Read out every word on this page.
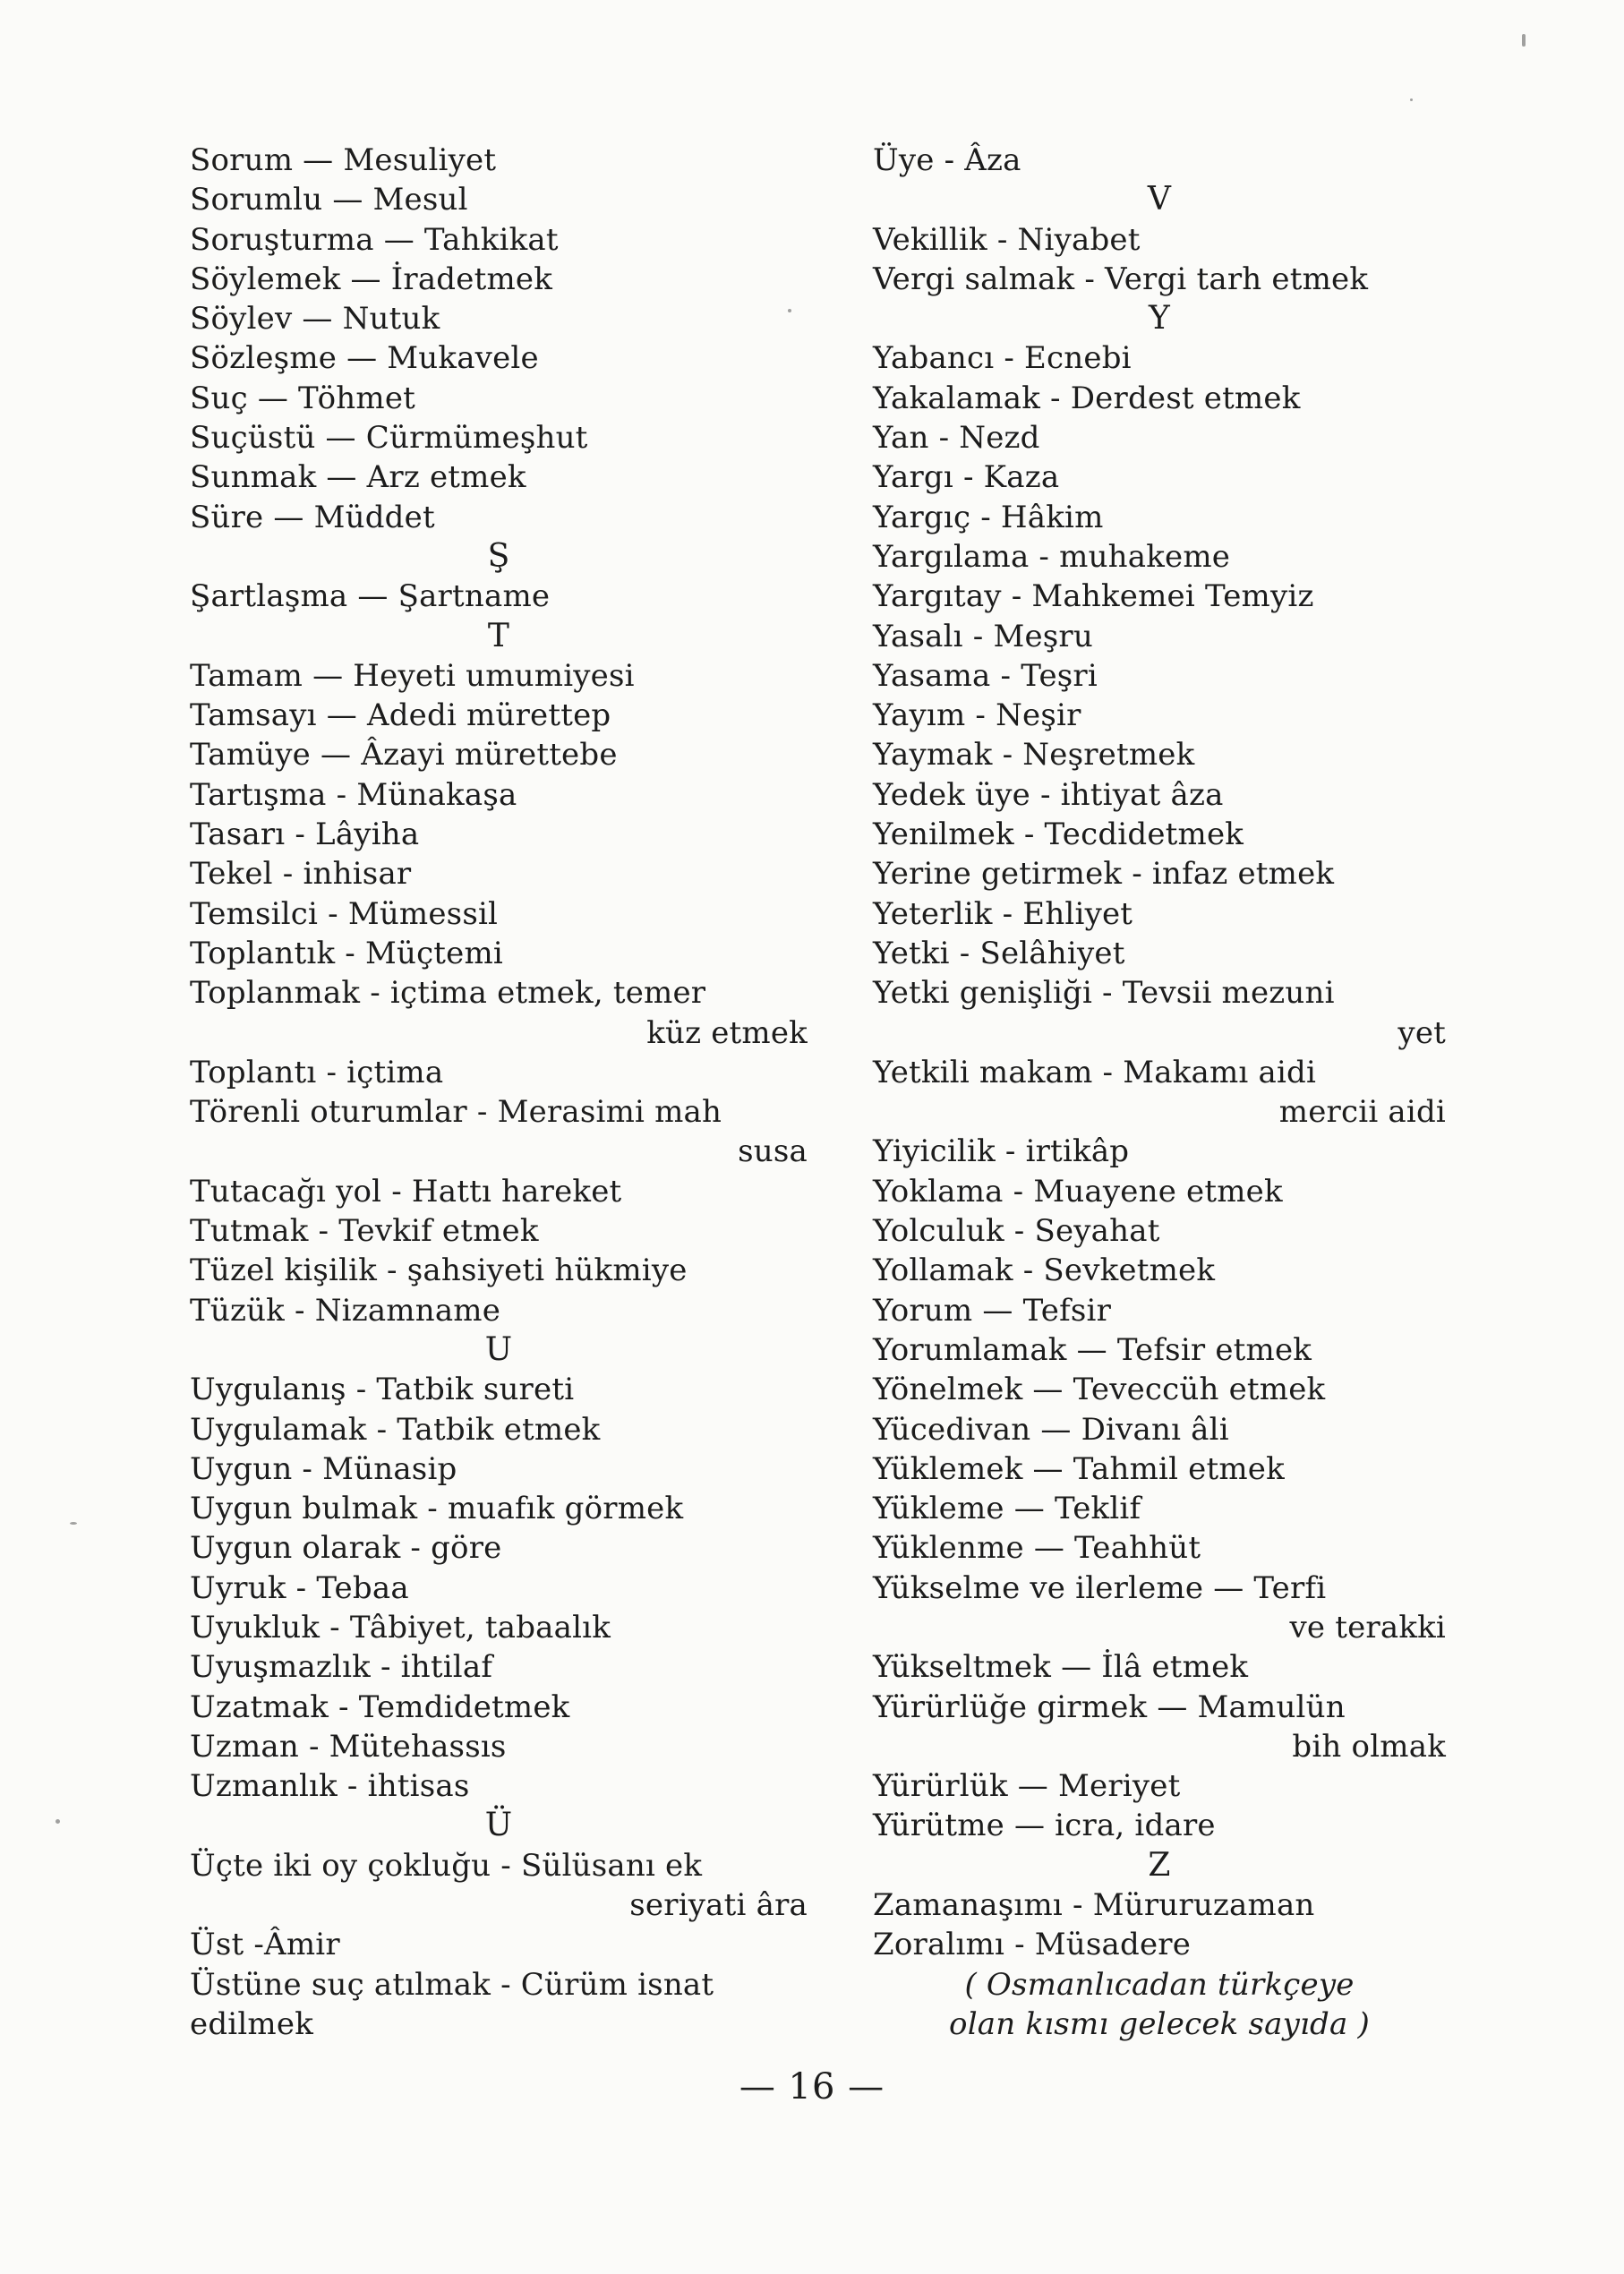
Sorum — Mesuliyet
Sorumlu — Mesul
Soruşturma — Tahkikat
Söylemek — İradetmek
Söylev — Nutuk
Sözleşme — Mukavele
Suç — Töhmet
Suçüstü — Cürmümeşhut
Sunmak — Arz etmek
Süre — Müddet
Ş
Şartlaşma — Şartname
T
Tamam — Heyeti umumiyesi
Tamsayı — Adedi mürettep
Tamüye — Âzayi mürettebe
Tartışma - Münakaşa
Tasarı - Lâyiha
Tekel - inhisar
Temsilci - Mümessil
Toplantık - Müçtemi
Toplanmak - içtima etmek, temer
küz etmek
Toplantı - içtima
Törenli oturumlar - Merasimi mah
susa
Tutacağı yol - Hattı hareket
Tutmak - Tevkif etmek
Tüzel kişilik - şahsiyeti hükmiye
Tüzük - Nizamname
U
Uygulanış - Tatbik sureti
Uygulamak - Tatbik etmek
Uygun - Münasip
Uygun bulmak - muafık görmek
Uygun olarak - göre
Uyruk - Tebaa
Uyukluk - Tâbiyet, tabaalık
Uyuşmazlık - ihtilaf
Uzatmak - Temdidetmek
Uzman - Mütehassıs
Uzmanlık - ihtisas
Ü
Üçte iki oy çokluğu - Sülüsanı ek
seriyati âra
Üst -Âmir
Üstüne suç atılmak - Cürüm isnat
edilmek
Üye - Âza
V
Vekillik - Niyabet
Vergi salmak - Vergi tarh etmek
Y
Yabancı - Ecnebi
Yakalamak - Derdest etmek
Yan - Nezd
Yargı - Kaza
Yargıç - Hâkim
Yargılama - muhakeme
Yargıtay - Mahkemei Temyiz
Yasalı - Meşru
Yasama - Teşri
Yayım - Neşir
Yaymak - Neşretmek
Yedek üye - ihtiyat âza
Yenilmek - Tecdidetmek
Yerine getirmek - infaz etmek
Yeterlik - Ehliyet
Yetki - Selâhiyet
Yetki genişliği - Tevsii mezuni
yet
Yetkili makam - Makamı aidi
mercii aidi
Yiyicilik - irtikâp
Yoklama - Muayene etmek
Yolculuk - Seyahat
Yollamak - Sevketmek
Yorum — Tefsir
Yorumlamak — Tefsir etmek
Yönelmek — Teveccüh etmek
Yücedivan — Divanı âli
Yüklemek — Tahmil etmek
Yükleme — Teklif
Yüklenme — Teahhüt
Yükselme ve ilerleme — Terfi
ve terakki
Yükseltmek — İlâ etmek
Yürürlüğe girmek — Mamulün
bih olmak
Yürürlük — Meriyet
Yürütme — icra, idare
Z
Zamanaşımı - Müruruzaman
Zoralımı - Müsadere
( Osmanlıcadan türkçeye
olan kısmı gelecek sayıda )
— 16 —
